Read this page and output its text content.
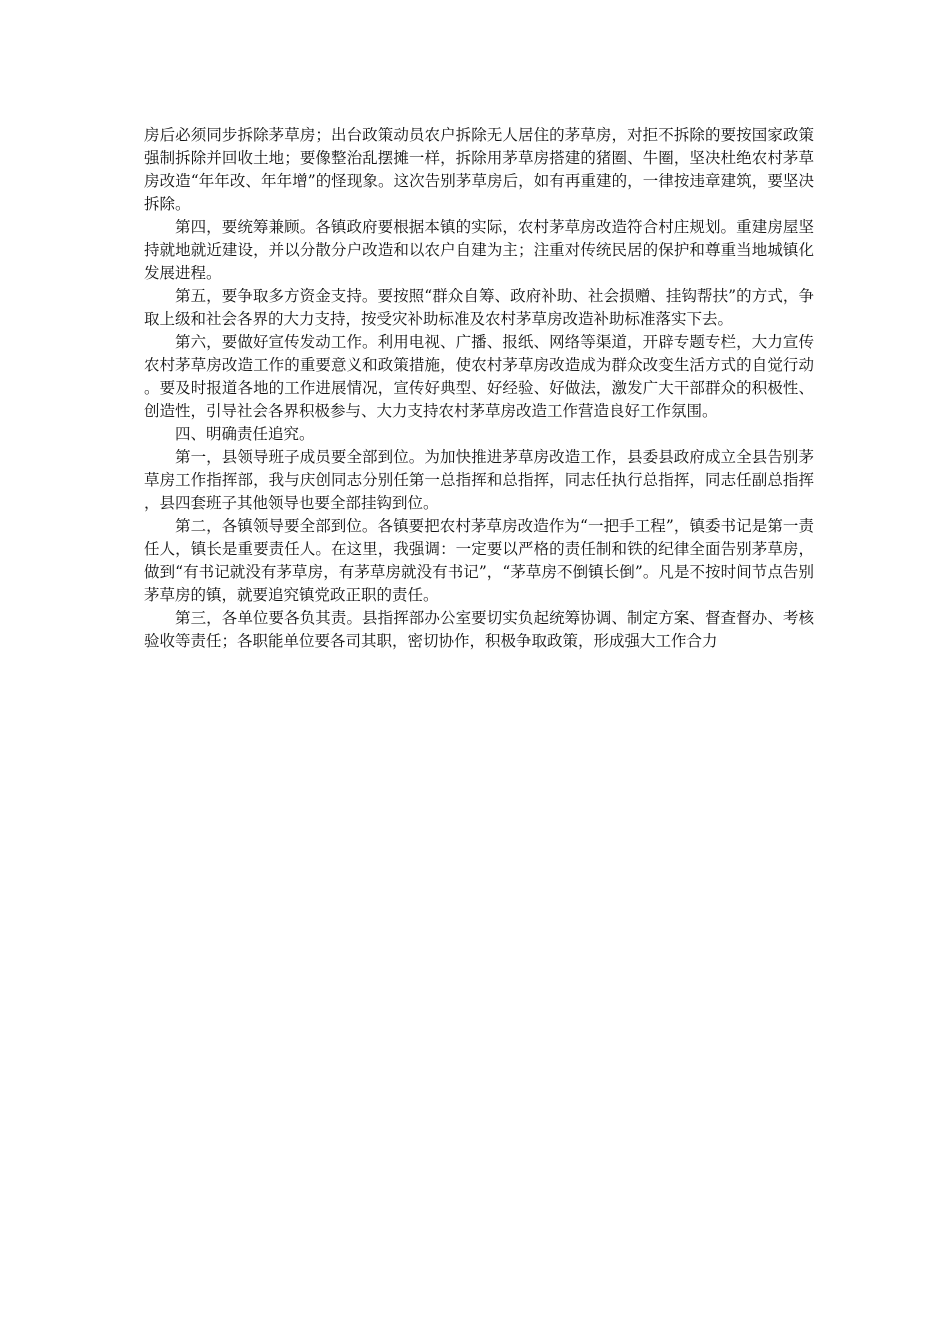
房后必须同步拆除茅草房；出台政策动员农户拆除无人居住的茅草房，对拒不拆除的要按国家政策强制拆除并回收土地；要像整治乱摆摊一样，拆除用茅草房搭建的猪圈、牛圈，坚决杜绝农村茅草房改造“年年改、年年增”的怪现象。这次告别茅草房后，如有再重建的，一律按违章建筑，要坚决拆除。

第四，要统筹兼顾。各镇政府要根据本镇的实际，农村茅草房改造符合村庄规划。重建房屋坚持就地就近建设，并以分散分户改造和以农户自建为主；注重对传统民居的保护和尊重当地城镇化发展进程。

第五，要争取多方资金支持。要按照“群众自筹、政府补助、社会损赠、挂钩帮扶”的方式，争取上级和社会各界的大力支持，按受灾补助标准及农村茅草房改造补助标准落实下去。

第六，要做好宣传发动工作。利用电视、广播、报纸、网络等渠道，开辟专题专栏，大力宣传农村茅草房改造工作的重要意义和政策措施，使农村茅草房改造成为群众改变生活方式的自觉行动。要及时报道各地的工作进展情况，宣传好典型、好经验、好做法，激发广大干部群众的积极性、创造性，引导社会各界积极参与、大力支持农村茅草房改造工作营造良好工作氛围。

四、明确责任追究。

第一，县领导班子成员要全部到位。为加快推进茅草房改造工作，县委县政府成立全县告别茅草房工作指挥部，我与庆创同志分别任第一总指挥和总指挥，同志任执行总指挥，同志任副总指挥，县四套班子其他领导也要全部挂钩到位。

第二，各镇领导要全部到位。各镇要把农村茅草房改造作为“一把手工程”，镇委书记是第一责任人，镇长是重要责任人。在这里，我强调：一定要以严格的责任制和铁的纪律全面告别茅草房，做到“有书记就没有茅草房，有茅草房就没有书记”，“茅草房不倒镇长倒”。凡是不按时间节点告别茅草房的镇，就要追究镇党政正职的责任。

第三，各单位要各负其责。县指挥部办公室要切实负起统筹协调、制定方案、督查督办、考核验收等责任；各职能单位要各司其职，密切协作，积极争取政策，形成强大工作合力
